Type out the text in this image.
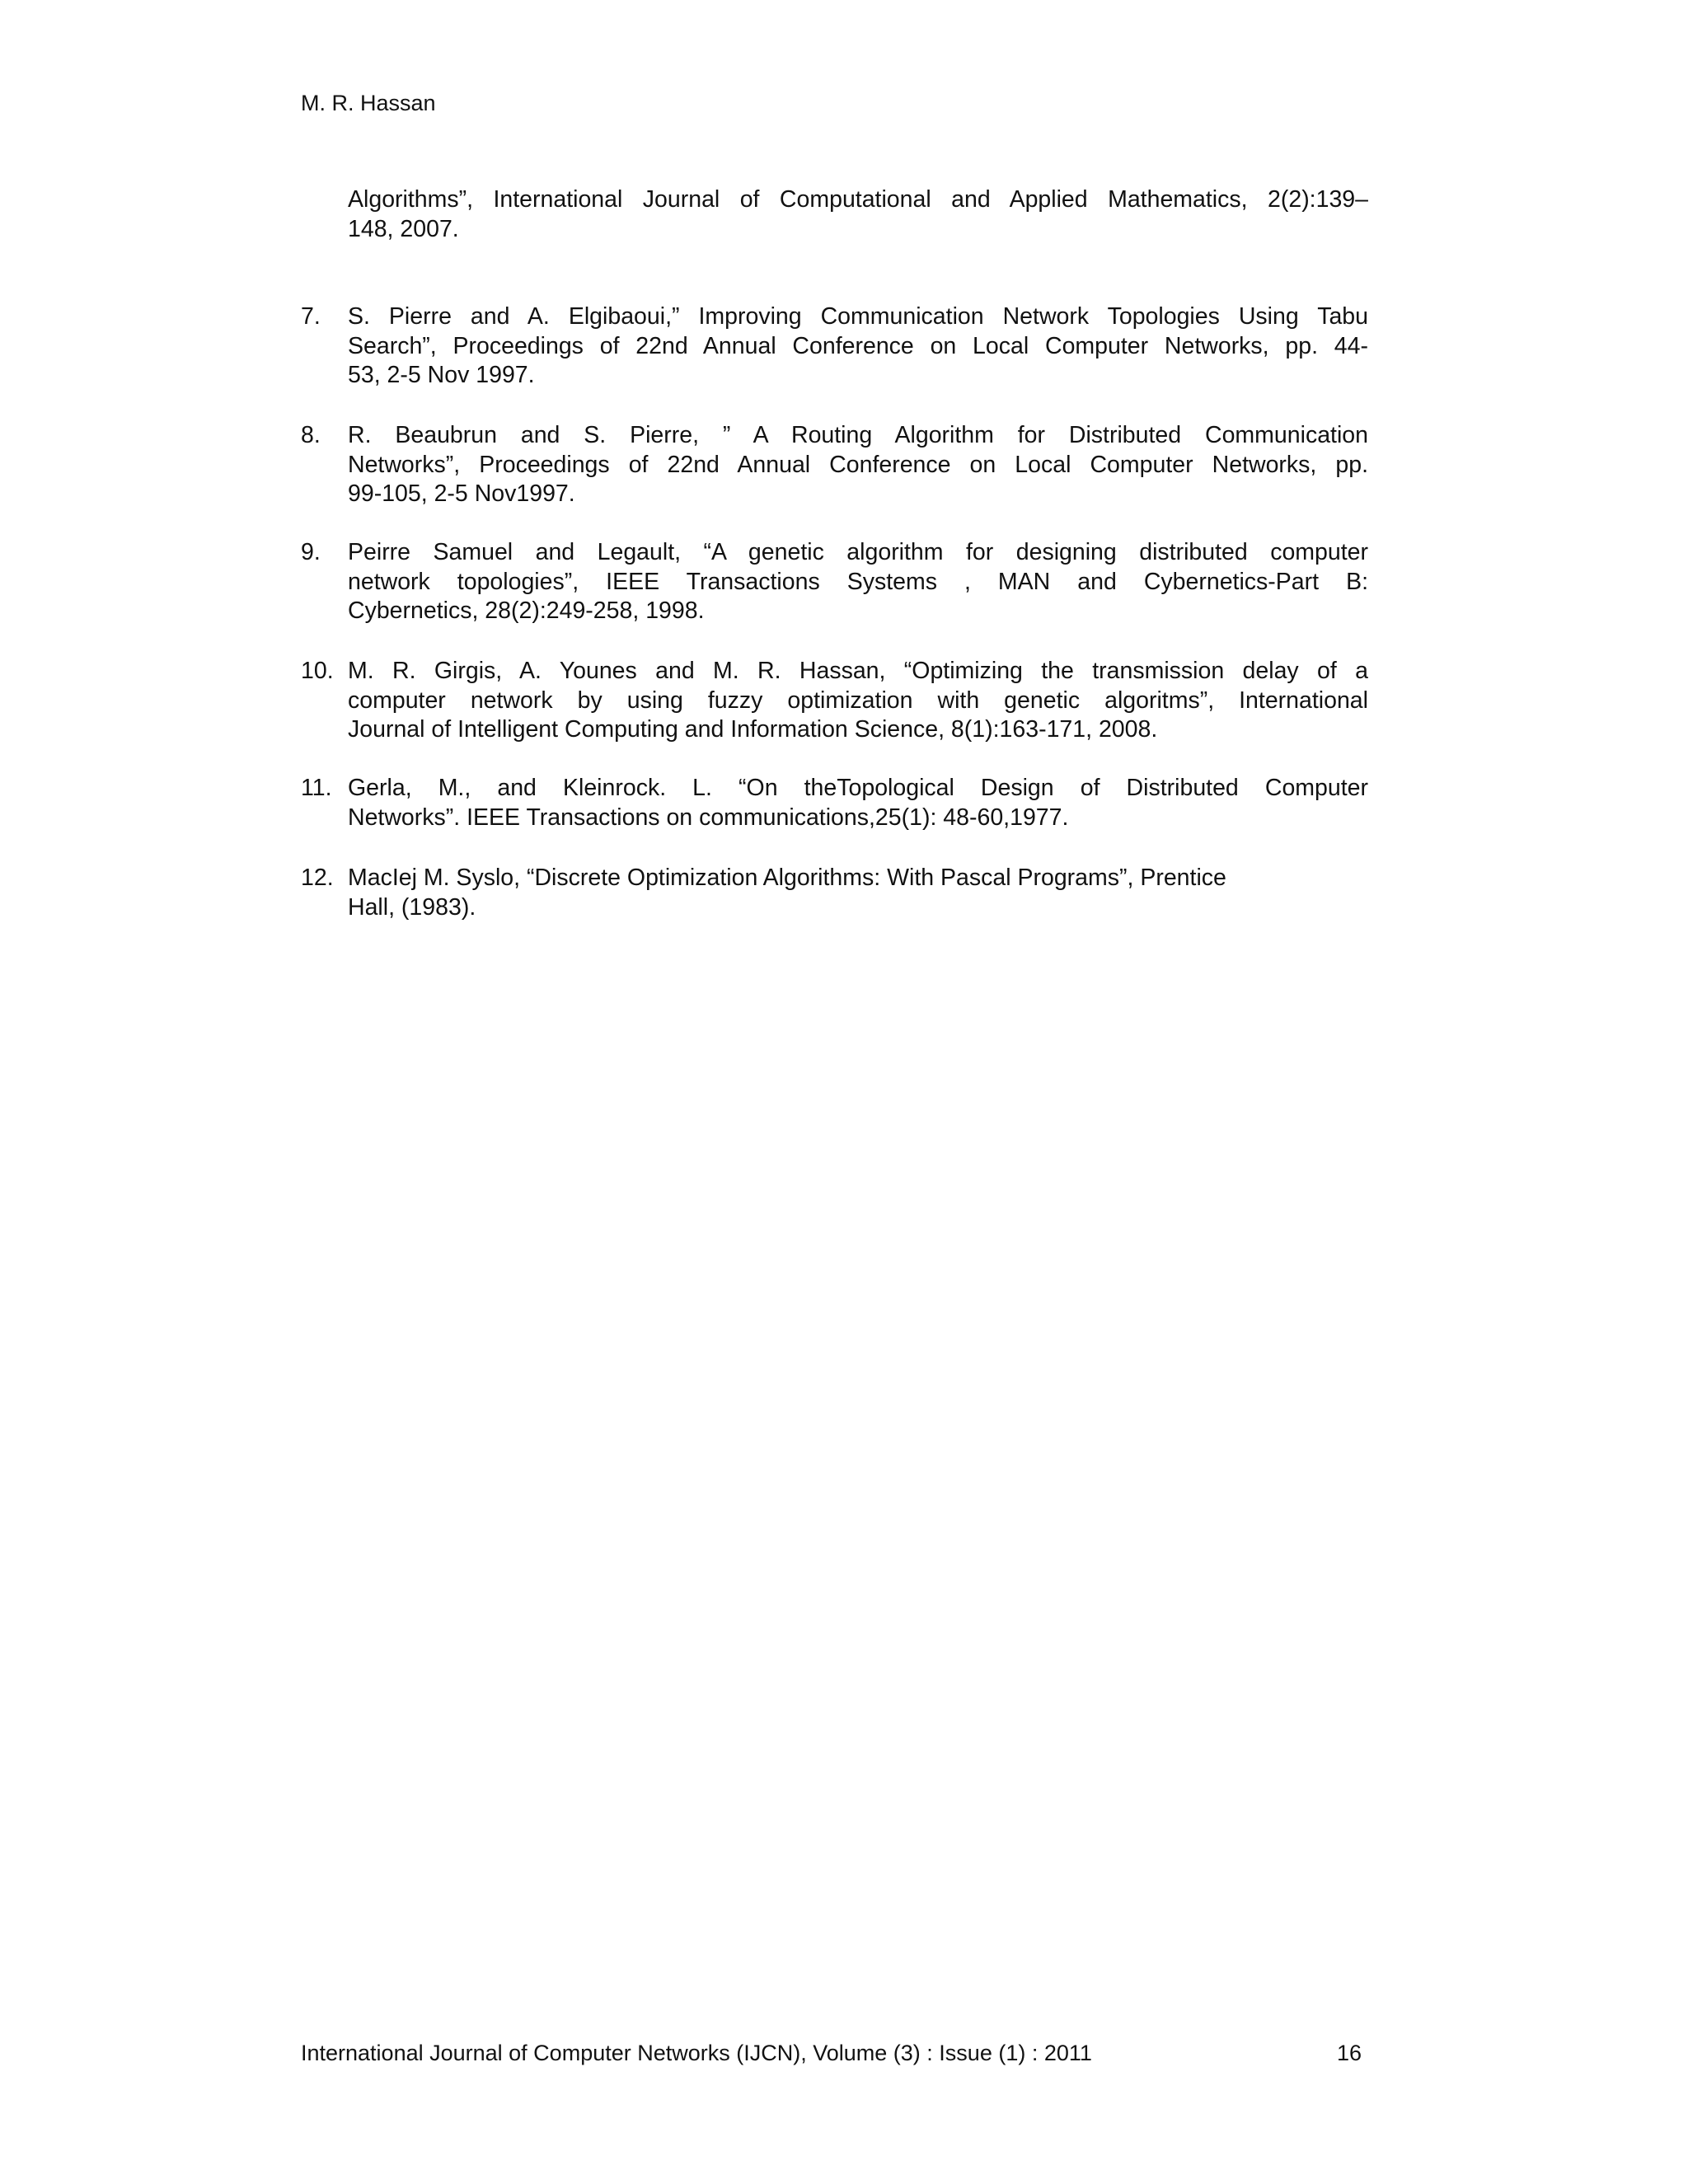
M. R. Hassan
Algorithms”, International Journal of Computational and Applied Mathematics, 2(2):139–
148, 2007.
7. S. Pierre and A. Elgibaoui,” Improving Communication Network Topologies Using Tabu
Search”, Proceedings of 22nd Annual Conference on Local Computer Networks, pp. 44-
53, 2-5 Nov 1997.
8. R. Beaubrun and S. Pierre, ” A Routing Algorithm for Distributed Communication
Networks”, Proceedings of 22nd Annual Conference on Local Computer Networks, pp.
99-105, 2-5 Nov1997.
9. Peirre Samuel and Legault, “A genetic algorithm for designing distributed computer
network topologies”, IEEE Transactions Systems , MAN and Cybernetics-Part B:
Cybernetics, 28(2):249-258, 1998.
10. M. R. Girgis, A. Younes and M. R. Hassan, “Optimizing the transmission delay of a
computer network by using fuzzy optimization with genetic algoritms”, International
Journal of Intelligent Computing and Information Science, 8(1):163-171, 2008.
11. Gerla, M., and Kleinrock. L. “On theTopological Design of Distributed Computer
Networks”. IEEE Transactions on communications,25(1): 48-60,1977.
12. MacIej M. Syslo, “Discrete Optimization Algorithms: With Pascal Programs”, Prentice
Hall, (1983).
International Journal of Computer Networks (IJCN), Volume (3) : Issue (1) : 2011	16
